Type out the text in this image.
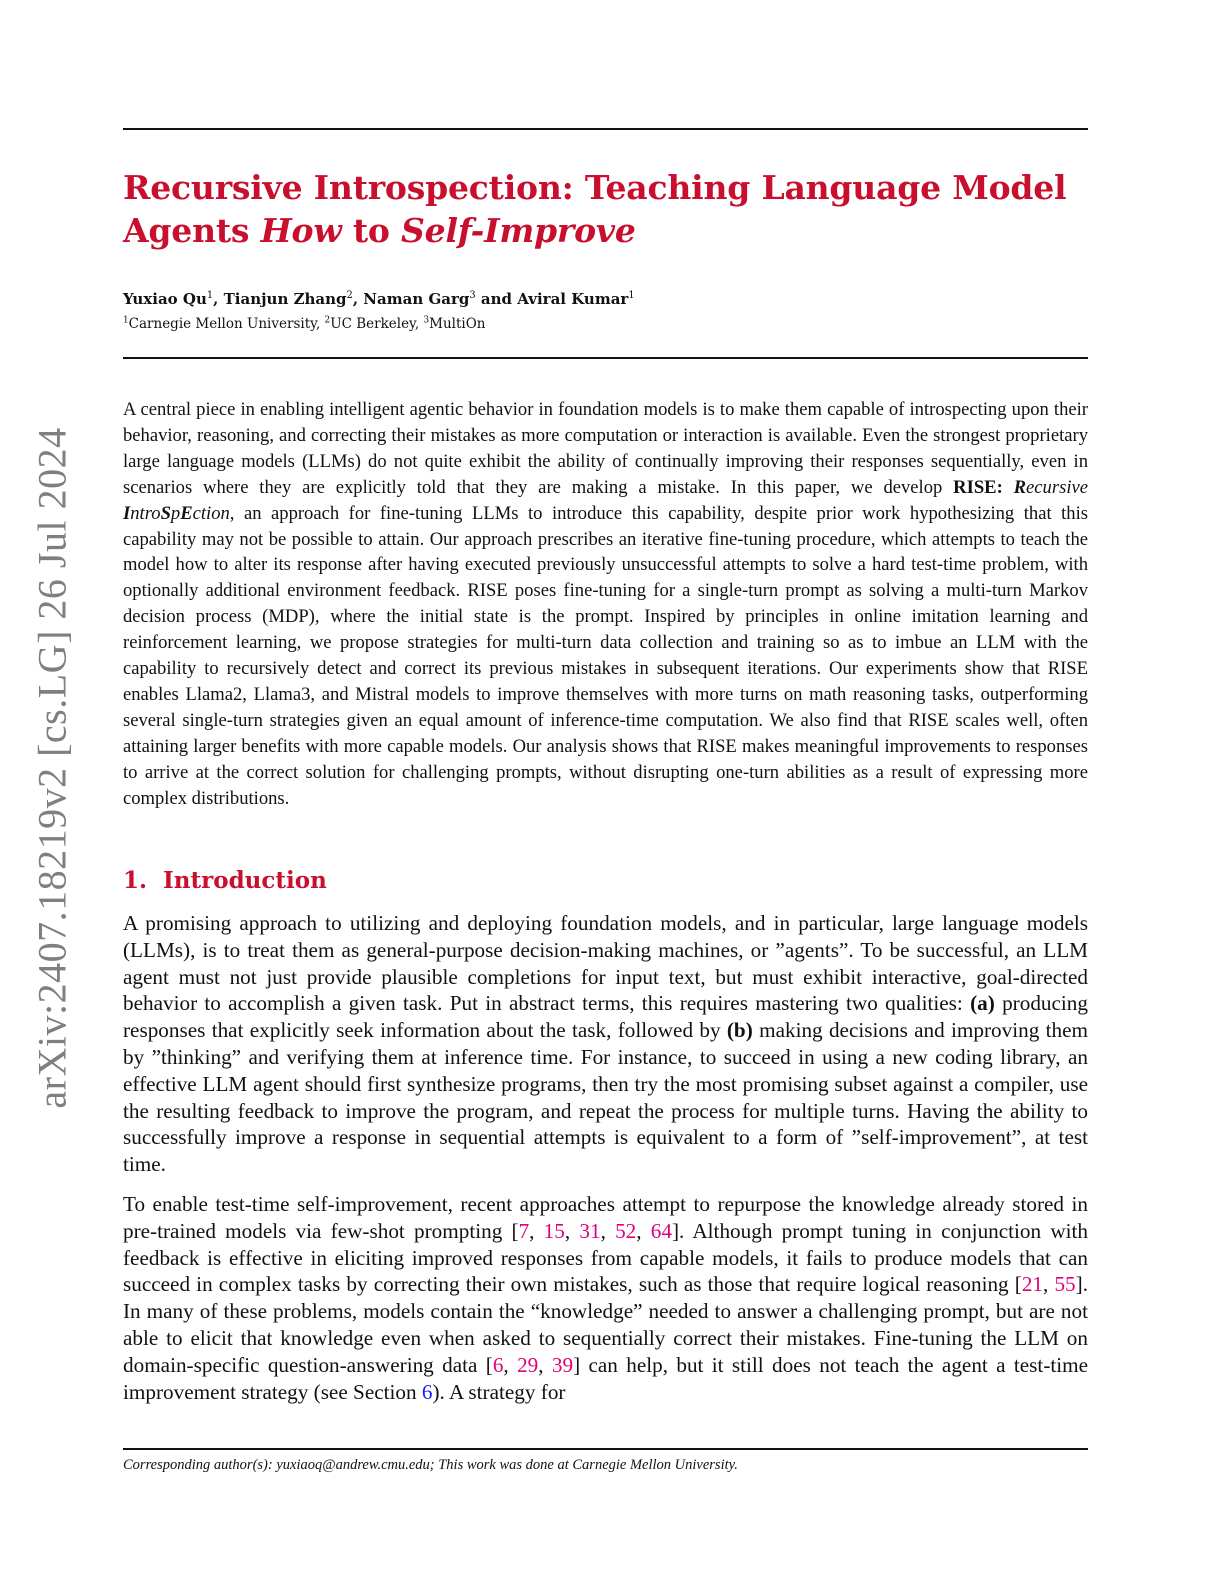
arXiv:2407.18219v2 [cs.LG] 26 Jul 2024
Recursive Introspection: Teaching Language Model Agents How to Self-Improve

Yuxiao Qu$^1$, Tianjun Zhang$^2$, Naman Garg$^3$ and Aviral Kumar$^1$

$^1$Carnegie Mellon University, $^2$UC Berkeley, $^3$MultiOn

A central piece in enabling intelligent agentic behavior in foundation models is to make them capable of introspecting upon their behavior, reasoning, and correcting their mistakes as more computation or interaction is available. Even the strongest proprietary large language models (LLMs) do not quite exhibit the ability of continually improving their responses sequentially, even in scenarios where they are explicitly told that they are making a mistake. In this paper, we develop RISE: Recursive IntroSpEction, an approach for fine-tuning LLMs to introduce this capability, despite prior work hypothesizing that this capability may not be possible to attain. Our approach prescribes an iterative fine-tuning procedure, which attempts to teach the model how to alter its response after having executed previously unsuccessful attempts to solve a hard test-time problem, with optionally additional environment feedback. RISE poses fine-tuning for a single-turn prompt as solving a multi-turn Markov decision process (MDP), where the initial state is the prompt. Inspired by principles in online imitation learning and reinforcement learning, we propose strategies for multi-turn data collection and training so as to imbue an LLM with the capability to recursively detect and correct its previous mistakes in subsequent iterations. Our experiments show that RISE enables Llama2, Llama3, and Mistral models to improve themselves with more turns on math reasoning tasks, outperforming several single-turn strategies given an equal amount of inference-time computation. We also find that RISE scales well, often attaining larger benefits with more capable models. Our analysis shows that RISE makes meaningful improvements to responses to arrive at the correct solution for challenging prompts, without disrupting one-turn abilities as a result of expressing more complex distributions.

1. Introduction

A promising approach to utilizing and deploying foundation models, and in particular, large language models (LLMs), is to treat them as general-purpose decision-making machines, or ”agents”. To be successful, an LLM agent must not just provide plausible completions for input text, but must exhibit interactive, goal-directed behavior to accomplish a given task. Put in abstract terms, this requires mastering two qualities: (a) producing responses that explicitly seek information about the task, followed by (b) making decisions and improving them by ”thinking” and verifying them at inference time. For instance, to succeed in using a new coding library, an effective LLM agent should first synthesize programs, then try the most promising subset against a compiler, use the resulting feedback to improve the program, and repeat the process for multiple turns. Having the ability to successfully improve a response in sequential attempts is equivalent to a form of ”self-improvement”, at test time.

To enable test-time self-improvement, recent approaches attempt to repurpose the knowledge already stored in pre-trained models via few-shot prompting [7, 15, 31, 52, 64]. Although prompt tuning in conjunction with feedback is effective in eliciting improved responses from capable models, it fails to produce models that can succeed in complex tasks by correcting their own mistakes, such as those that require logical reasoning [21, 55]. In many of these problems, models contain the “knowledge” needed to answer a challenging prompt, but are not able to elicit that knowledge even when asked to sequentially correct their mistakes. Fine-tuning the LLM on domain-specific question-answering data [6, 29, 39] can help, but it still does not teach the agent a test-time improvement strategy (see Section 6). A strategy for

Corresponding author(s): yuxiaoq@andrew.cmu.edu; This work was done at Carnegie Mellon University.
